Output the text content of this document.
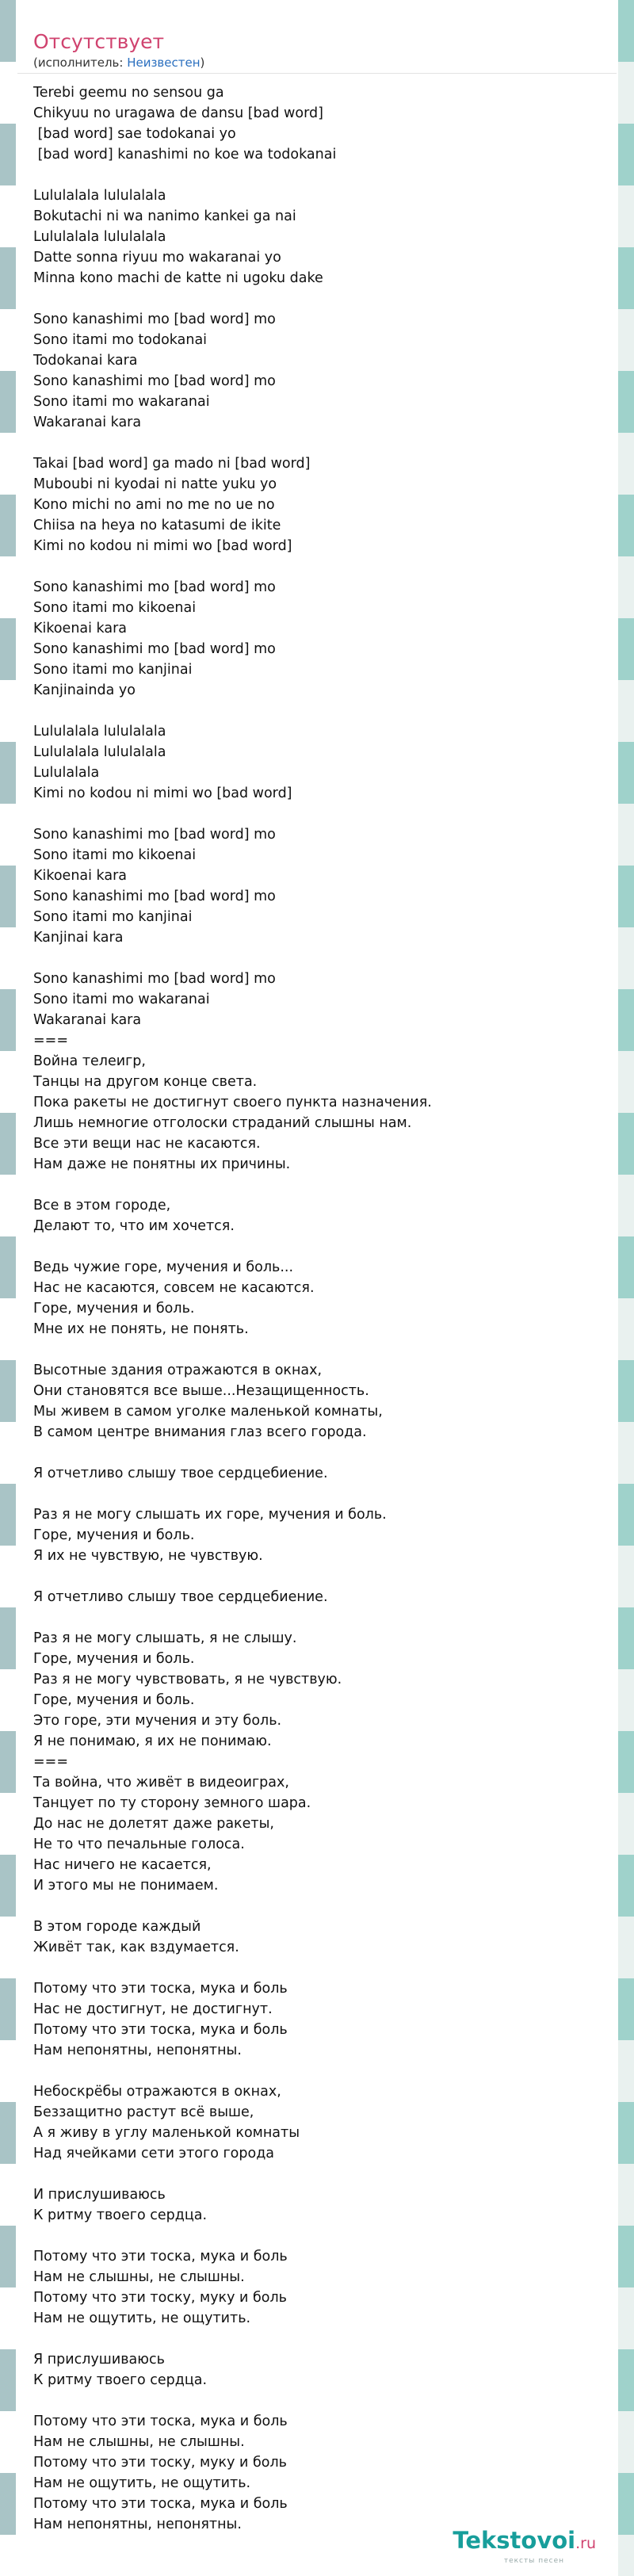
Отсутствует
(исполнитель: Неизвестен)
Terebi geemu no sensou ga
Chikyuu no uragawa de dansu [bad word]
[bad word] sae todokanai yo
[bad word] kanashimi no koe wa todokanai
Lululalala lululalala
Bokutachi ni wa nanimo kankei ga nai
Lululalala lululalala
Datte sonna riyuu mo wakaranai yo
Minna kono machi de katte ni ugoku dake
Sono kanashimi mo [bad word] mo
Sono itami mo todokanai
Todokanai kara
Sono kanashimi mo [bad word] mo
Sono itami mo wakaranai
Wakaranai kara
Takai [bad word] ga mado ni [bad word]
Muboubi ni kyodai ni natte yuku yo
Kono michi no ami no me no ue no
Chiisa na heya no katasumi de ikite
Kimi no kodou ni mimi wo [bad word]
Sono kanashimi mo [bad word] mo
Sono itami mo kikoenai
Kikoenai kara
Sono kanashimi mo [bad word] mo
Sono itami mo kanjinai
Kanjinainda yo
Lululalala lululalala
Lululalala lululalala
Lululalala
Kimi no kodou ni mimi wo [bad word]
Sono kanashimi mo [bad word] mo
Sono itami mo kikoenai
Kikoenai kara
Sono kanashimi mo [bad word] mo
Sono itami mo kanjinai
Kanjinai kara
Sono kanashimi mo [bad word] mo
Sono itami mo wakaranai
Wakaranai kara
===
Война телеигр,
Танцы на другом конце света.
Пока ракеты не достигнут своего пункта назначения.
Лишь немногие отголоски страданий слышны нам.
Все эти вещи нас не касаются.
Нам даже не понятны их причины.
Все в этом городе,
Делают то, что им хочется.
Ведь чужие горе, мучения и боль...
Нас не касаются, совсем не касаются.
Горе, мучения и боль.
Мне их не понять, не понять.
Высотные здания отражаются в окнах,
Они становятся все выше...Незащищенность.
Мы живем в самом уголке маленькой комнаты,
В самом центре внимания глаз всего города.
Я отчетливо слышу твое сердцебиение.
Раз я не могу слышать их горе, мучения и боль.
Горе, мучения и боль.
Я их не чувствую, не чувствую.
Я отчетливо слышу твое сердцебиение.
Раз я не могу слышать, я не слышу.
Горе, мучения и боль.
Раз я не могу чувствовать, я не чувствую.
Горе, мучения и боль.
Это горе, эти мучения и эту боль.
Я не понимаю, я их не понимаю.
===
Та война, что живёт в видеоиграх,
Танцует по ту сторону земного шара.
До нас не долетят даже ракеты,
Не то что печальные голоса.
Нас ничего не касается,
И этого мы не понимаем.
В этом городе каждый
Живёт так, как вздумается.
Потому что эти тоска, мука и боль
Нас не достигнут, не достигнут.
Потому что эти тоска, мука и боль
Нам непонятны, непонятны.
Небоскрёбы отражаются в окнах,
Беззащитно растут всё выше,
А я живу в углу маленькой комнаты
Над ячейками сети этого города
И прислушиваюсь
К ритму твоего сердца.
Потому что эти тоска, мука и боль
Нам не слышны, не слышны.
Потому что эти тоску, муку и боль
Нам не ощутить, не ощутить.
Я прислушиваюсь
К ритму твоего сердца.
Потому что эти тоска, мука и боль
Нам не слышны, не слышны.
Потому что эти тоску, муку и боль
Нам не ощутить, не ощутить.
Потому что эти тоска, мука и боль
Нам непонятны, непонятны.
Tekstovoi.ru
тексты песен
